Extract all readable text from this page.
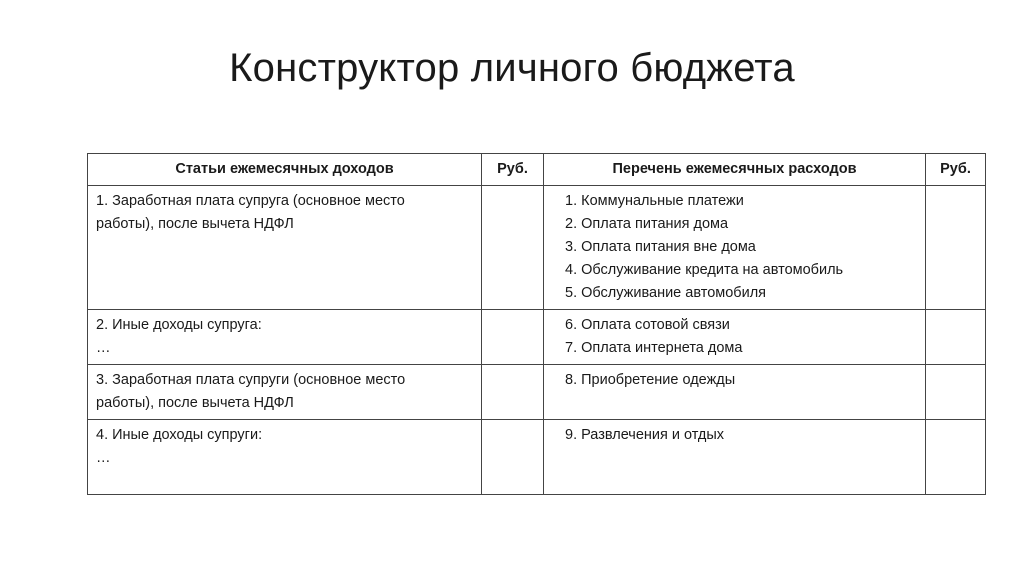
Конструктор личного бюджета
Статьи ежемесячных доходов	Руб.	Перечень ежемесячных расходов	Руб.

1. Заработная плата супруга (основное место
работы), после вычета НДФЛ		1. Коммунальные платежи
2. Оплата питания дома
3. Оплата питания вне дома
4. Обслуживание кредита на автомобиль
5. Обслуживание автомобиля	

2. Иные доходы супруга:
…		6. Оплата сотовой связи
7. Оплата интернета дома	

3. Заработная плата супруги (основное место
работы), после вычета НДФЛ		8. Приобретение одежды	

4. Иные доходы супруги:
…		9. Развлечения и отдых	
